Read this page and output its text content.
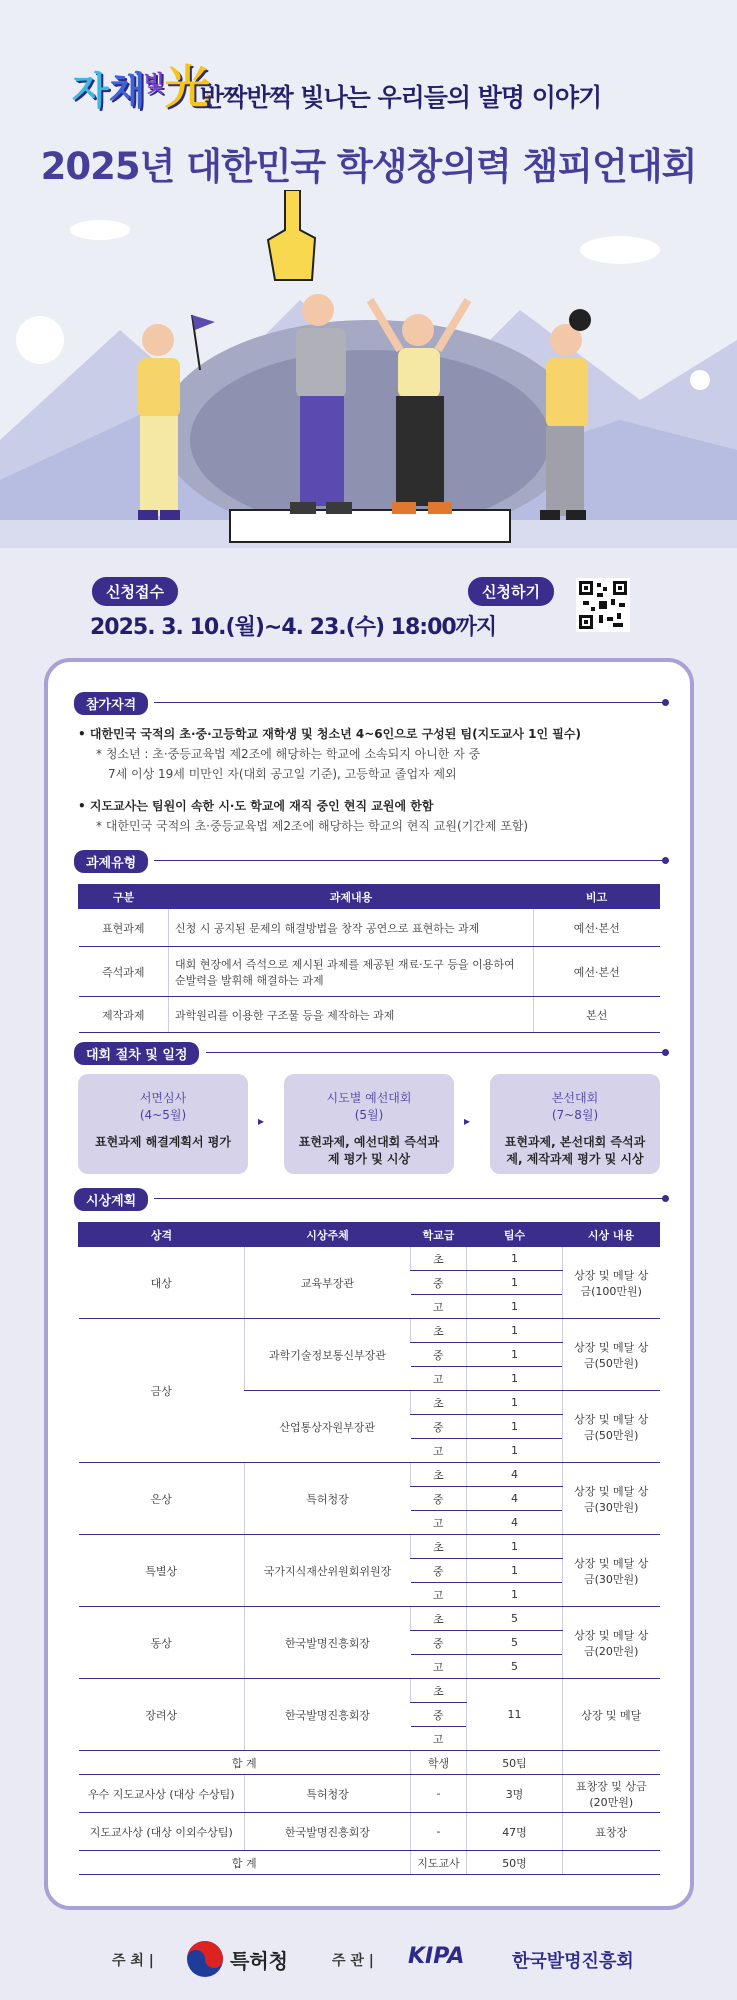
자 채
빛 光
반짝반짝 빛나는 우리들의 발명 이야기
2025년 대한민국 학생창의력 챔피언대회
신청접수	신청하기
2025. 3. 10.(월)~4. 23.(수) 18:00까지
참가자격
• 대한민국 국적의 초·중·고등학교 재학생 및 청소년 4~6인으로 구성된 팀(지도교사 1인 필수)
* 청소년 : 초·중등교육법 제2조에 해당하는 학교에 소속되지 아니한 자 중
7세 이상 19세 미만인 자(대회 공고일 기준), 고등학교 졸업자 제외
• 지도교사는 팀원이 속한 시·도 학교에 재직 중인 현직 교원에 한함
* 대한민국 국적의 초·중등교육법 제2조에 해당하는 학교의 현직 교원(기간제 포함)
과제유형
구분	과제내용	비고
표현과제	신청 시 공지된 문제의 해결방법을 창작 공연으로 표현하는 과제	예선·본선
즉석과제	대회 현장에서 즉석으로 제시된 과제를 제공된 재료·도구 등을 이용하여 순발력을 발휘해 해결하는 과제	예선·본선
제작과제	과학원리를 이용한 구조물 등을 제작하는 과제	본선
대회 절차 및 일정
서면심사
(4~5월)
표현과제 해결계획서 평가
▸
시도별 예선대회
(5월)
표현과제, 예선대회 즉석과제 평가 및 시상
▸
본선대회
(7~8월)
표현과제, 본선대회 즉석과제, 제작과제 평가 및 시상
시상계획
상격	시상주체	학교급	팀수	시상 내용
대상	교육부장관	초	1	상장 및 메달 상금(100만원)
		중	1	
		고	1	
금상	과학기술정보통신부장관	초	1	상장 및 메달 상금(50만원)
		중	1	
		고	1	
	산업통상자원부장관	초	1	상장 및 메달 상금(50만원)
		중	1	
		고	1	
은상	특허청장	초	4	상장 및 메달 상금(30만원)
		중	4	
		고	4	
특별상	국가지식재산위원회위원장	초	1	상장 및 메달 상금(30만원)
		중	1	
		고	1	
동상	한국발명진흥회장	초	5	상장 및 메달 상금(20만원)
		중	5	
		고	5	
장려상	한국발명진흥회장	초	11	상장 및 메달
		중		
		고		
합 계		학생	50팀	
우수 지도교사상 (대상 수상팀)	특허청장	-	3명	표창장 및 상금(20만원)
지도교사상 (대상 이외수상팀)	한국발명진흥회장	-	47명	표창장
합 계		지도교사	50명	
주 최 |	특허청	주 관 | KIPA	한국발명진흥회
